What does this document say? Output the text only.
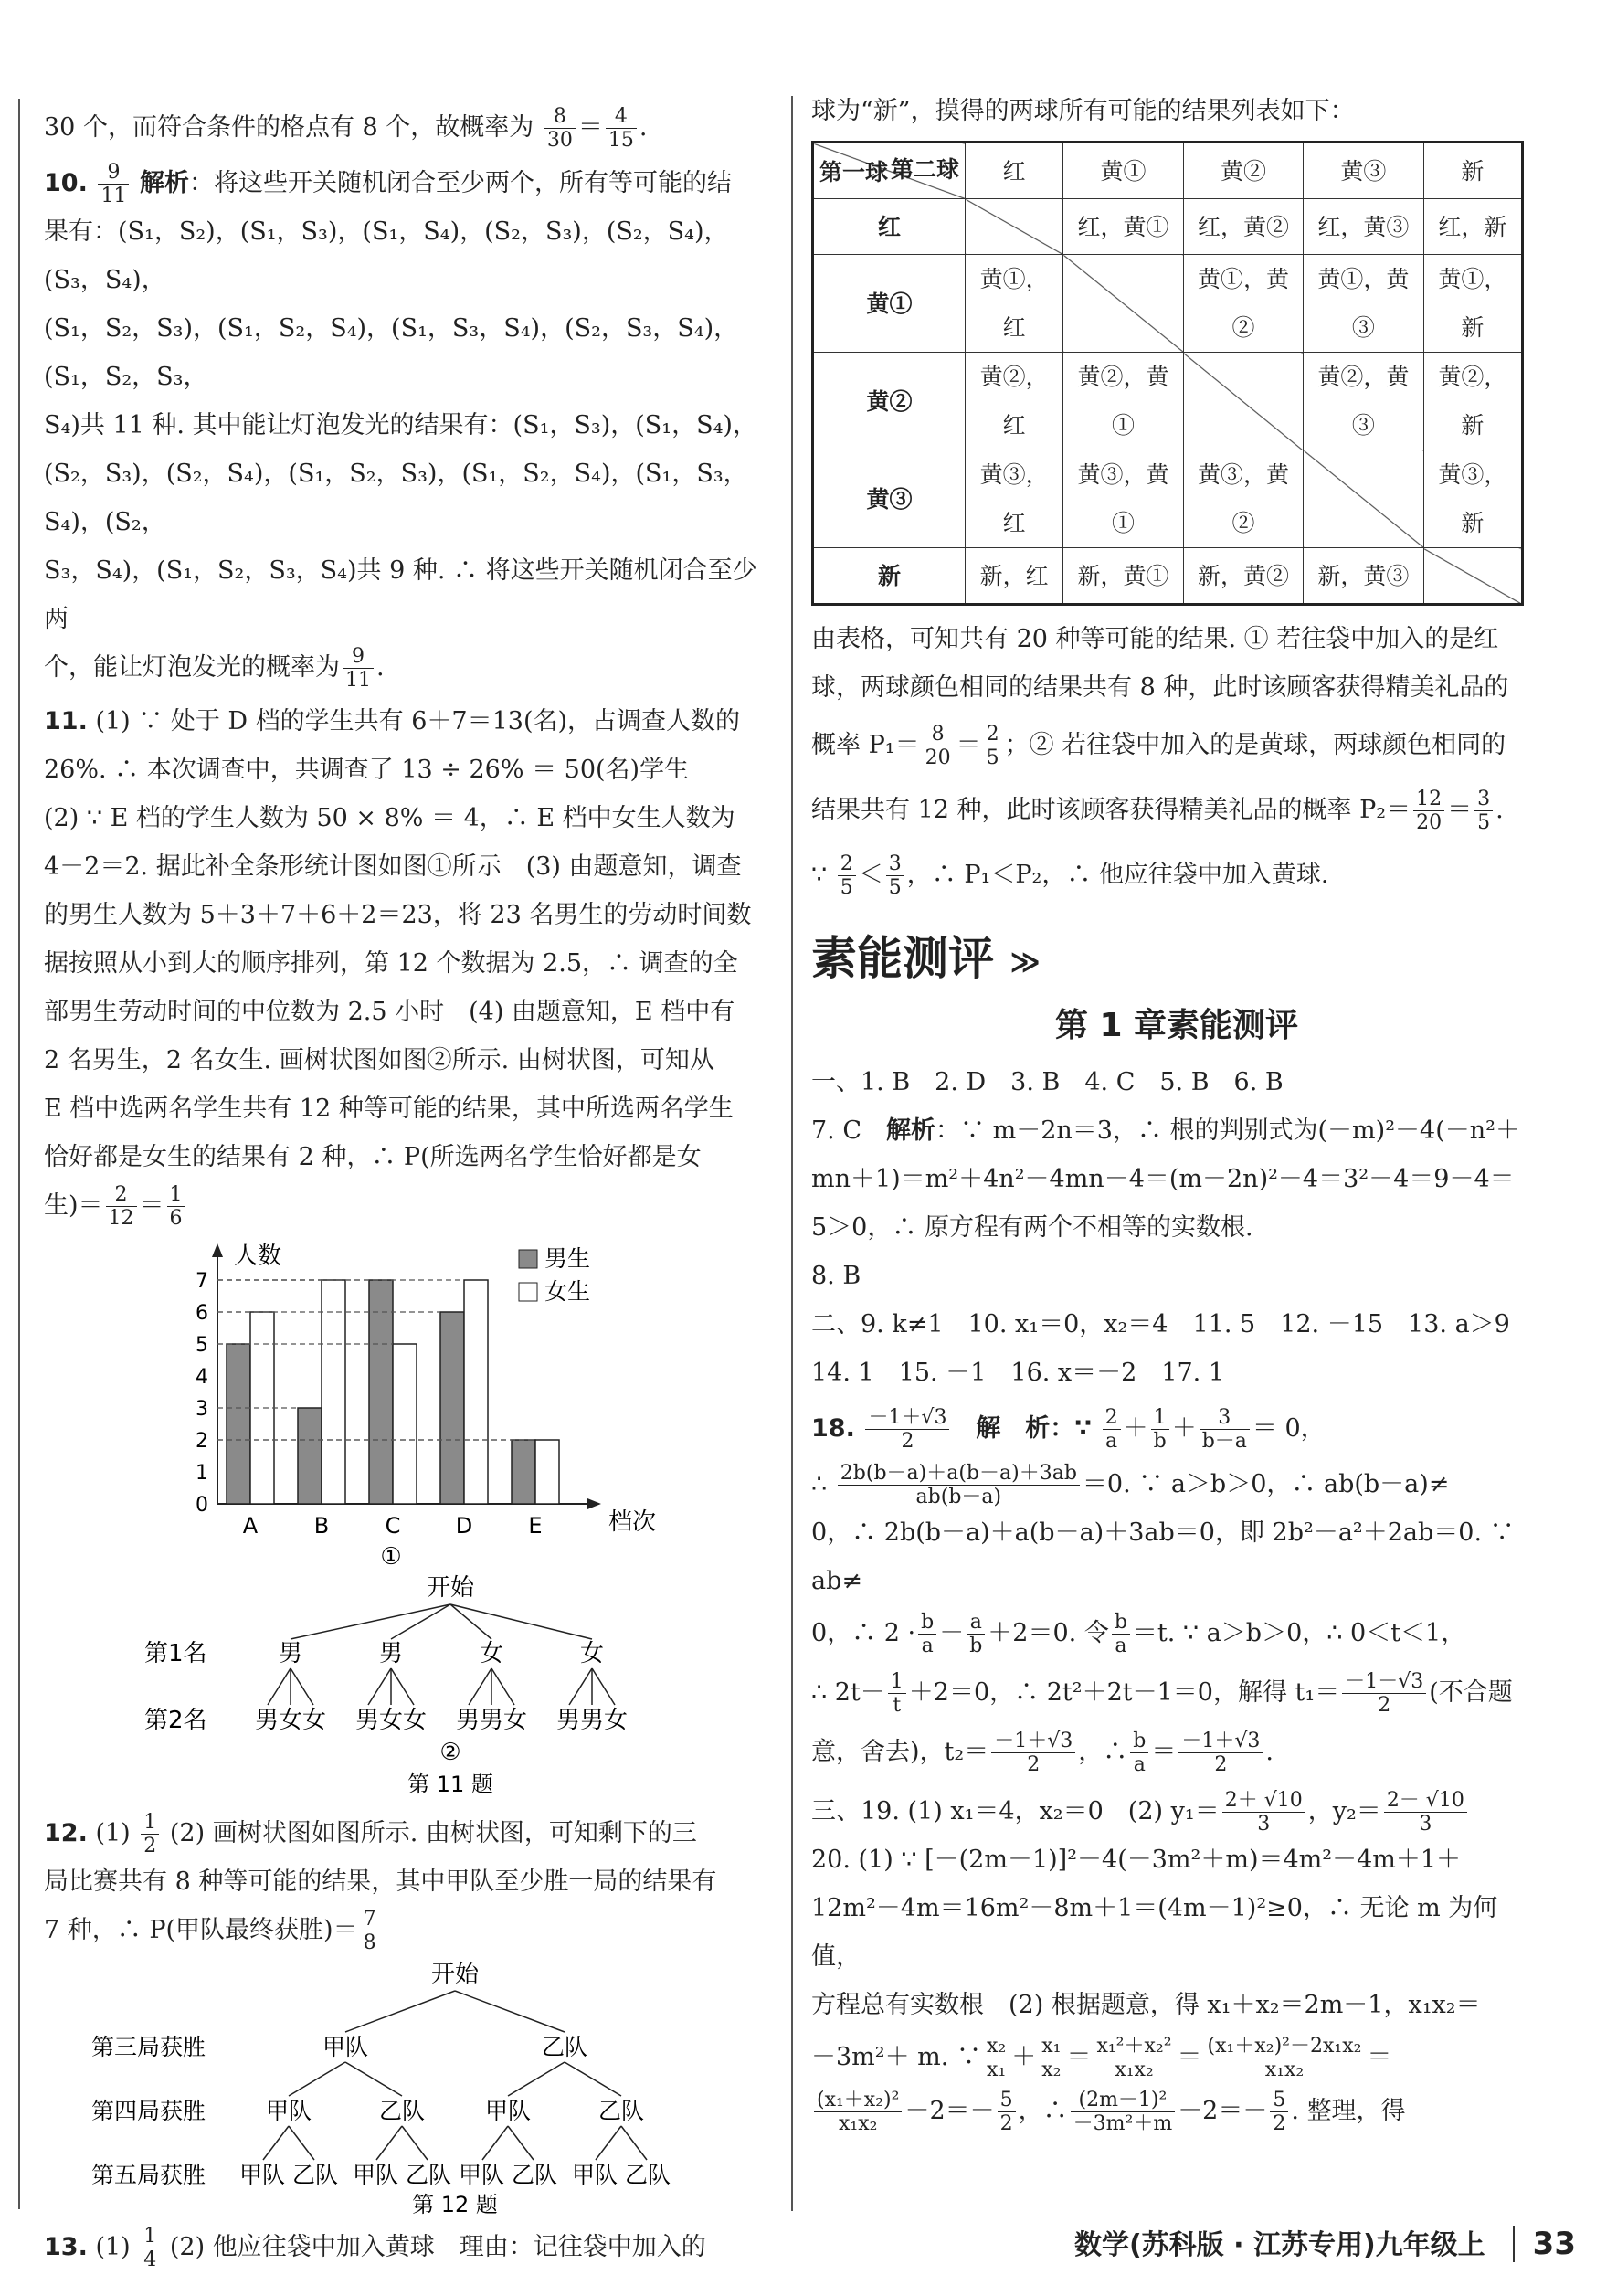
30 个，而符合条件的格点有 8 个，故概率为 $\frac{8}{30} = \frac{4}{15}$ .

10. $\frac{9}{11}$ 解析：将这些开关随机闭合至少两个，所有等可能的结

果有：(S₁，S₂)，(S₁，S₃)，(S₁，S₄)，(S₂，S₃)，(S₂，S₄)，(S₃，S₄)，

(S₁，S₂，S₃)，(S₁，S₂，S₄)，(S₁，S₃，S₄)，(S₂，S₃，S₄)，(S₁，S₂，S₃，

S₄)共 11 种. 其中能让灯泡发光的结果有：(S₁，S₃)，(S₁，S₄)，

(S₂，S₃)，(S₂，S₄)，(S₁，S₂，S₃)，(S₁，S₂，S₄)，(S₁，S₃，S₄)，(S₂，

S₃，S₄)，(S₁，S₂，S₃，S₄)共 9 种. ∴ 将这些开关随机闭合至少两

个，能让灯泡发光的概率为 $\frac{9}{11}$ .

11. (1) ∵ 处于 D 档的学生共有 6＋7＝13(名)，占调查人数的

26%. ∴ 本次调查中，共调查了 13 ÷ 26% ＝ 50(名)学生

(2) ∵ E 档的学生人数为 50 × 8% ＝ 4，∴ E 档中女生人数为

4－2＝2. 据此补全条形统计图如图①所示　(3) 由题意知，调查

的男生人数为 5＋3＋7＋6＋2＝23，将 23 名男生的劳动时间数

据按照从小到大的顺序排列，第 12 个数据为 2.5，∴ 调查的全

部男生劳动时间的中位数为 2.5 小时　(4) 由题意知，E 档中有

2 名男生，2 名女生. 画树状图如图②所示. 由树状图，可知从

E 档中选两名学生共有 12 种等可能的结果，其中所选两名学生

恰好都是女生的结果有 2 种，∴ P(所选两名学生恰好都是女

生)＝ $\frac{2}{12} = \frac{1}{6}$

人数
档次
0
1
2
3
4
5
6
7
A	B	C	D	E
男生
女生
①
开始
第1名
第2名
男
男女女
男
男女女
女
男男女
女
男男女
②
第 11 题

12. $(1) \frac{1}{2} (2)$ 画树状图如图所示. 由树状图，可知剩下的三

局比赛共有 8 种等可能的结果，其中甲队至少胜一局的结果有

7 种，∴ P(甲队最终获胜)＝ $\frac{7}{8}$

开始
第三局获胜
第四局获胜
第五局获胜
甲队	乙队
甲队
甲队 乙队
乙队
甲队 乙队
甲队
甲队 乙队
乙队
甲队 乙队
第 12 题

13. $(1) \frac{1}{4} (2)$ 他应往袋中加入黄球　理由：记往袋中加入的

球为“新”，摸得的两球所有可能的结果列表如下：

第二球
第一球	红	黄①	黄②	黄③	新
红		红，黄①	红，黄②	红，黄③	红，新
黄①	黄①，红		黄①，黄②	黄①，黄③	黄①，新
黄②	黄②，红	黄②，黄①		黄②，黄③	黄②，新
黄③	黄③，红	黄③，黄①	黄③，黄②		黄③，新
新	新，红	新，黄①	新，黄②	新，黄③	

由表格，可知共有 20 种等可能的结果. ① 若往袋中加入的是红

球，两球颜色相同的结果共有 8 种，此时该顾客获得精美礼品的

概率 $P_1= \frac{8}{20} = \frac{2}{5}$ ；② 若往袋中加入的是黄球，两球颜色相同的

结果共有 12 种，此时该顾客获得精美礼品的概率 $P_2= \frac{12}{20} = \frac{3}{5}$ .

∵ $\frac{2}{5} < \frac{3}{5}$ ，∴ P₁＜P₂，∴ 他应往袋中加入黄球.

素能测评 ≫
第 1 章素能测评

一、1. B　2. D　3. B　4. C　5. B　6. B

7. C　解析：∵ m－2n＝3，∴ 根的判别式为(－m)²－4(－n²＋

mn＋1)＝m²＋4n²－4mn－4＝(m－2n)²－4＝3²－4＝9－4＝

5＞0，∴ 原方程有两个不相等的实数根.

8. B

二、9. k≠1　10. x₁＝0，x₂＝4　11. 5　12. －15　13. a＞9

14. 1　15. －1　16. x＝－2　17. 1

18. $\frac{-1+√3}{2}$ 解　析：∵ $\frac{2}{a} + \frac{1}{b} + \frac{3}{b-a} = 0$，

∴ $\frac{2b(b-a)+a(b-a)+3ab}{ab(b-a)} =0$. ∵ a＞b＞0，∴ ab(b－a)≠

0，∴ 2b(b－a)＋a(b－a)＋3ab＝0，即 2b²－a²＋2ab＝0. ∵ ab≠

0，∴ $2 \cdot \frac{b}{a} - \frac{a}{b} +2=0$. 令 $\frac{b}{a} =t$. ∵ a＞b＞0，∴ 0＜t＜1，

∴ $2t- \frac{1}{t} +2=0$，∴ 2t²＋2t－1＝0，解得 $t_1= \frac{-1-√3}{2}$ (不合题

意，舍去)，$t_2= \frac{-1+√3}{2}$ ，∴ $\frac{b}{a} = \frac{-1+√3}{2}$ .

三、19. (1) x₁＝4，x₂＝0　(2) $y_1= \frac{2+ √10}{3}$ ，$y_2= \frac{2- √10}{3}$

20. (1) ∵ [－(2m－1)]²－4(－3m²＋m)＝4m²－4m＋1＋

12m²－4m＝16m²－8m＋1＝(4m－1)²≥0，∴ 无论 m 为何值，

方程总有实数根　(2) 根据题意，得 x₁＋x₂＝2m－1，x₁x₂＝

－3m²＋ m. ∵ $\frac{\text{x₂}}{\text{x₁}} + \frac{\text{x₁}}{\text{x₂}} = \frac{\text{x₁²＋x₂²}}{\text{x₁x₂}} = \frac{\text{(x₁＋x₂)²－2x₁x₂}}{\text{x₁x₂}}$ ＝

$\frac{\text{(x₁＋x₂)²}}{\text{x₁x₂}} -2=- \frac{5}{2}$ ，∴ $\frac{\text{(2m－1)²}}{\text{－3m²＋m}} -2=- \frac{5}{2}$ . 整理，得

数学(苏科版 · 江苏专用)九年级上 33
